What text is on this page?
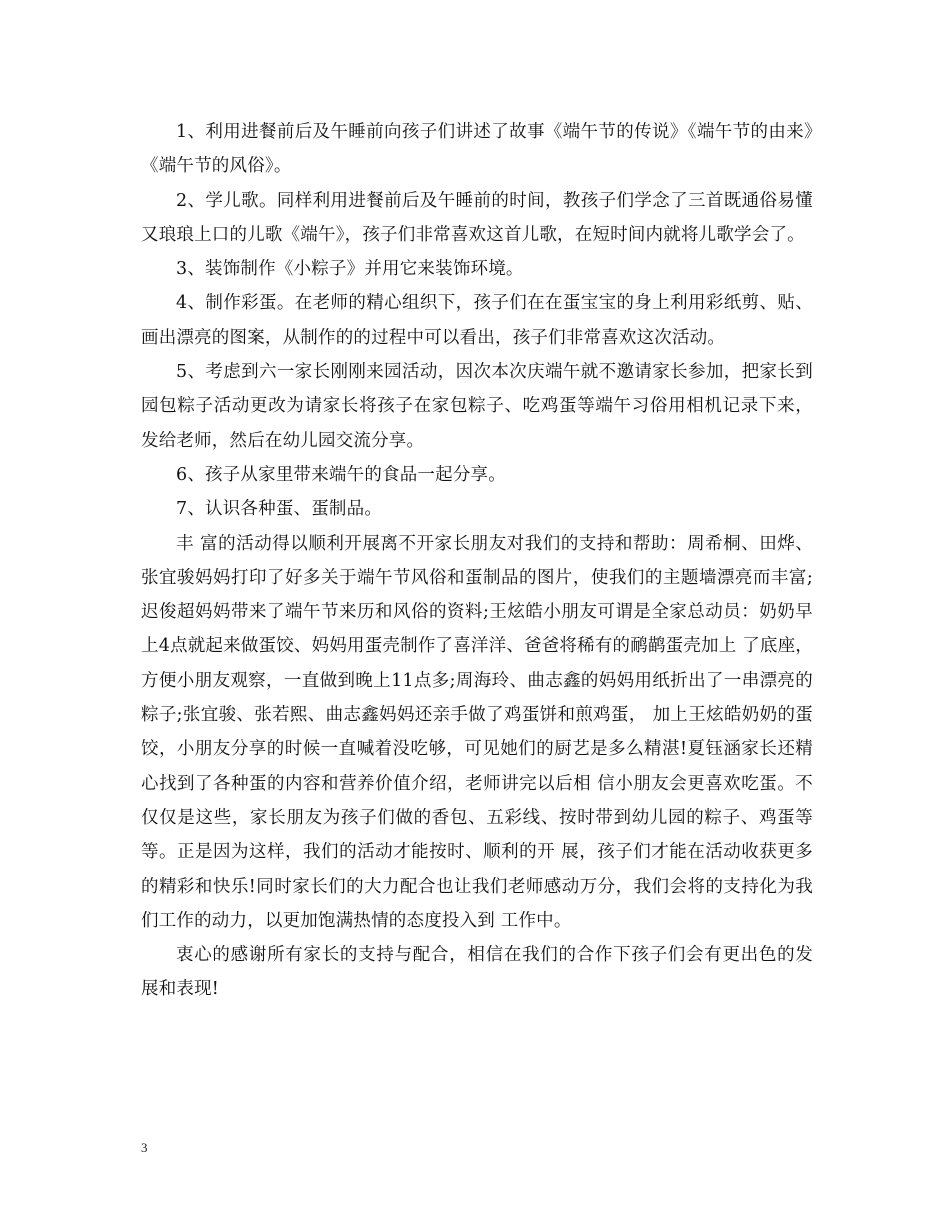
1、利用进餐前后及午睡前向孩子们讲述了故事《端午节的传说》《端午节的由来》《端午节的风俗》。

2、学儿歌。同样利用进餐前后及午睡前的时间，教孩子们学念了三首既通俗易懂又琅琅上口的儿歌《端午》，孩子们非常喜欢这首儿歌，在短时间内就将儿歌学会了。

3、装饰制作《小粽子》并用它来装饰环境。

4、制作彩蛋。在老师的精心组织下，孩子们在在蛋宝宝的身上利用彩纸剪、贴、画出漂亮的图案，从制作的的过程中可以看出，孩子们非常喜欢这次活动。

5、考虑到六一家长刚刚来园活动，因次本次庆端午就不邀请家长参加，把家长到园包粽子活动更改为请家长将孩子在家包粽子、吃鸡蛋等端午习俗用相机记录下来，发给老师，然后在幼儿园交流分享。

6、孩子从家里带来端午的食品一起分享。

7、认识各种蛋、蛋制品。

丰 富的活动得以顺利开展离不开家长朋友对我们的支持和帮助：周希桐、田烨、张宜骏妈妈打印了好多关于端午节风俗和蛋制品的图片，使我们的主题墙漂亮而丰富; 迟俊超妈妈带来了端午节来历和风俗的资料;王炫皓小朋友可谓是全家总动员：奶奶早上4点就起来做蛋饺、妈妈用蛋壳制作了喜洋洋、爸爸将稀有的鸸鹋蛋壳加上 了底座，方便小朋友观察，一直做到晚上11点多;周海玲、曲志鑫的妈妈用纸折出了一串漂亮的粽子;张宜骏、张若熙、曲志鑫妈妈还亲手做了鸡蛋饼和煎鸡蛋， 加上王炫皓奶奶的蛋饺，小朋友分享的时候一直喊着没吃够，可见她们的厨艺是多么精湛!夏钰涵家长还精心找到了各种蛋的内容和营养价值介绍，老师讲完以后相 信小朋友会更喜欢吃蛋。不仅仅是这些，家长朋友为孩子们做的香包、五彩线、按时带到幼儿园的粽子、鸡蛋等等。正是因为这样，我们的活动才能按时、顺利的开 展，孩子们才能在活动收获更多的精彩和快乐!同时家长们的大力配合也让我们老师感动万分，我们会将的支持化为我们工作的动力，以更加饱满热情的态度投入到 工作中。

衷心的感谢所有家长的支持与配合，相信在我们的合作下孩子们会有更出色的发展和表现!

3
